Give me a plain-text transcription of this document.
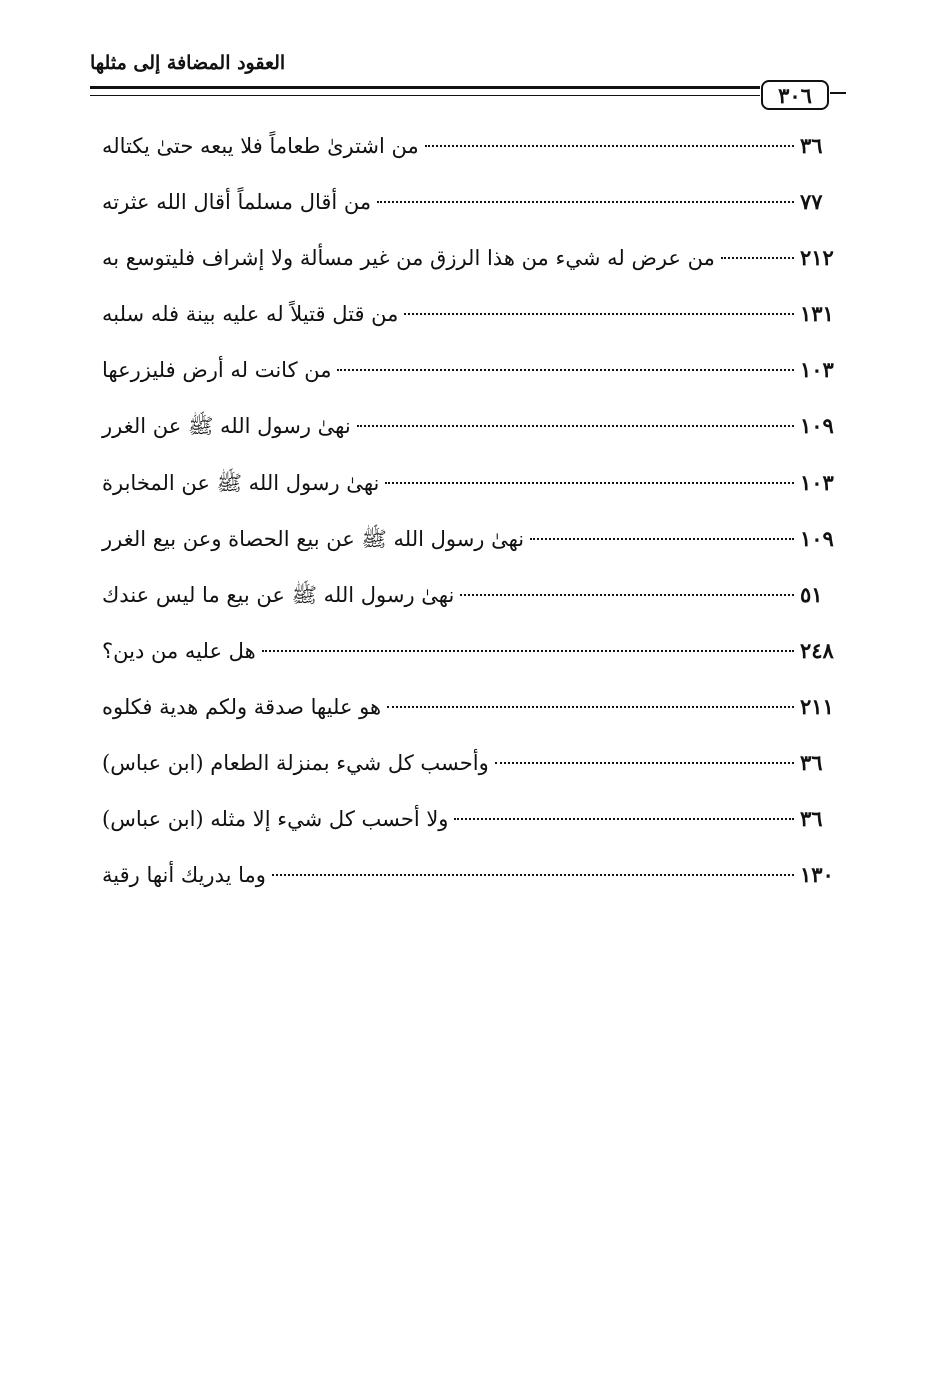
العقود المضافة إلى مثلها
٣٠٦
من اشترىٰ طعاماً فلا يبعه حتىٰ يكتاله	٣٦
من أقال مسلماً أقال الله عثرته	٧٧
من عرض له شيء من هذا الرزق من غير مسألة ولا إشراف فليتوسع به	٢١٢
من قتل قتيلاً له عليه بينة فله سلبه	١٣١
من كانت له أرض فليزرعها	١٠٣
نهىٰ رسول الله ﷺ عن الغرر	١٠٩
نهىٰ رسول الله ﷺ عن المخابرة	١٠٣
نهىٰ رسول الله ﷺ عن بيع الحصاة وعن بيع الغرر	١٠٩
نهىٰ رسول الله ﷺ عن بيع ما ليس عندك	٥١
هل عليه من دين؟	٢٤٨
هو عليها صدقة ولكم هدية فكلوه	٢١١
وأحسب كل شيء بمنزلة الطعام (ابن عباس)	٣٦
ولا أحسب كل شيء إلا مثله (ابن عباس)	٣٦
وما يدريك أنها رقية	١٣٠
